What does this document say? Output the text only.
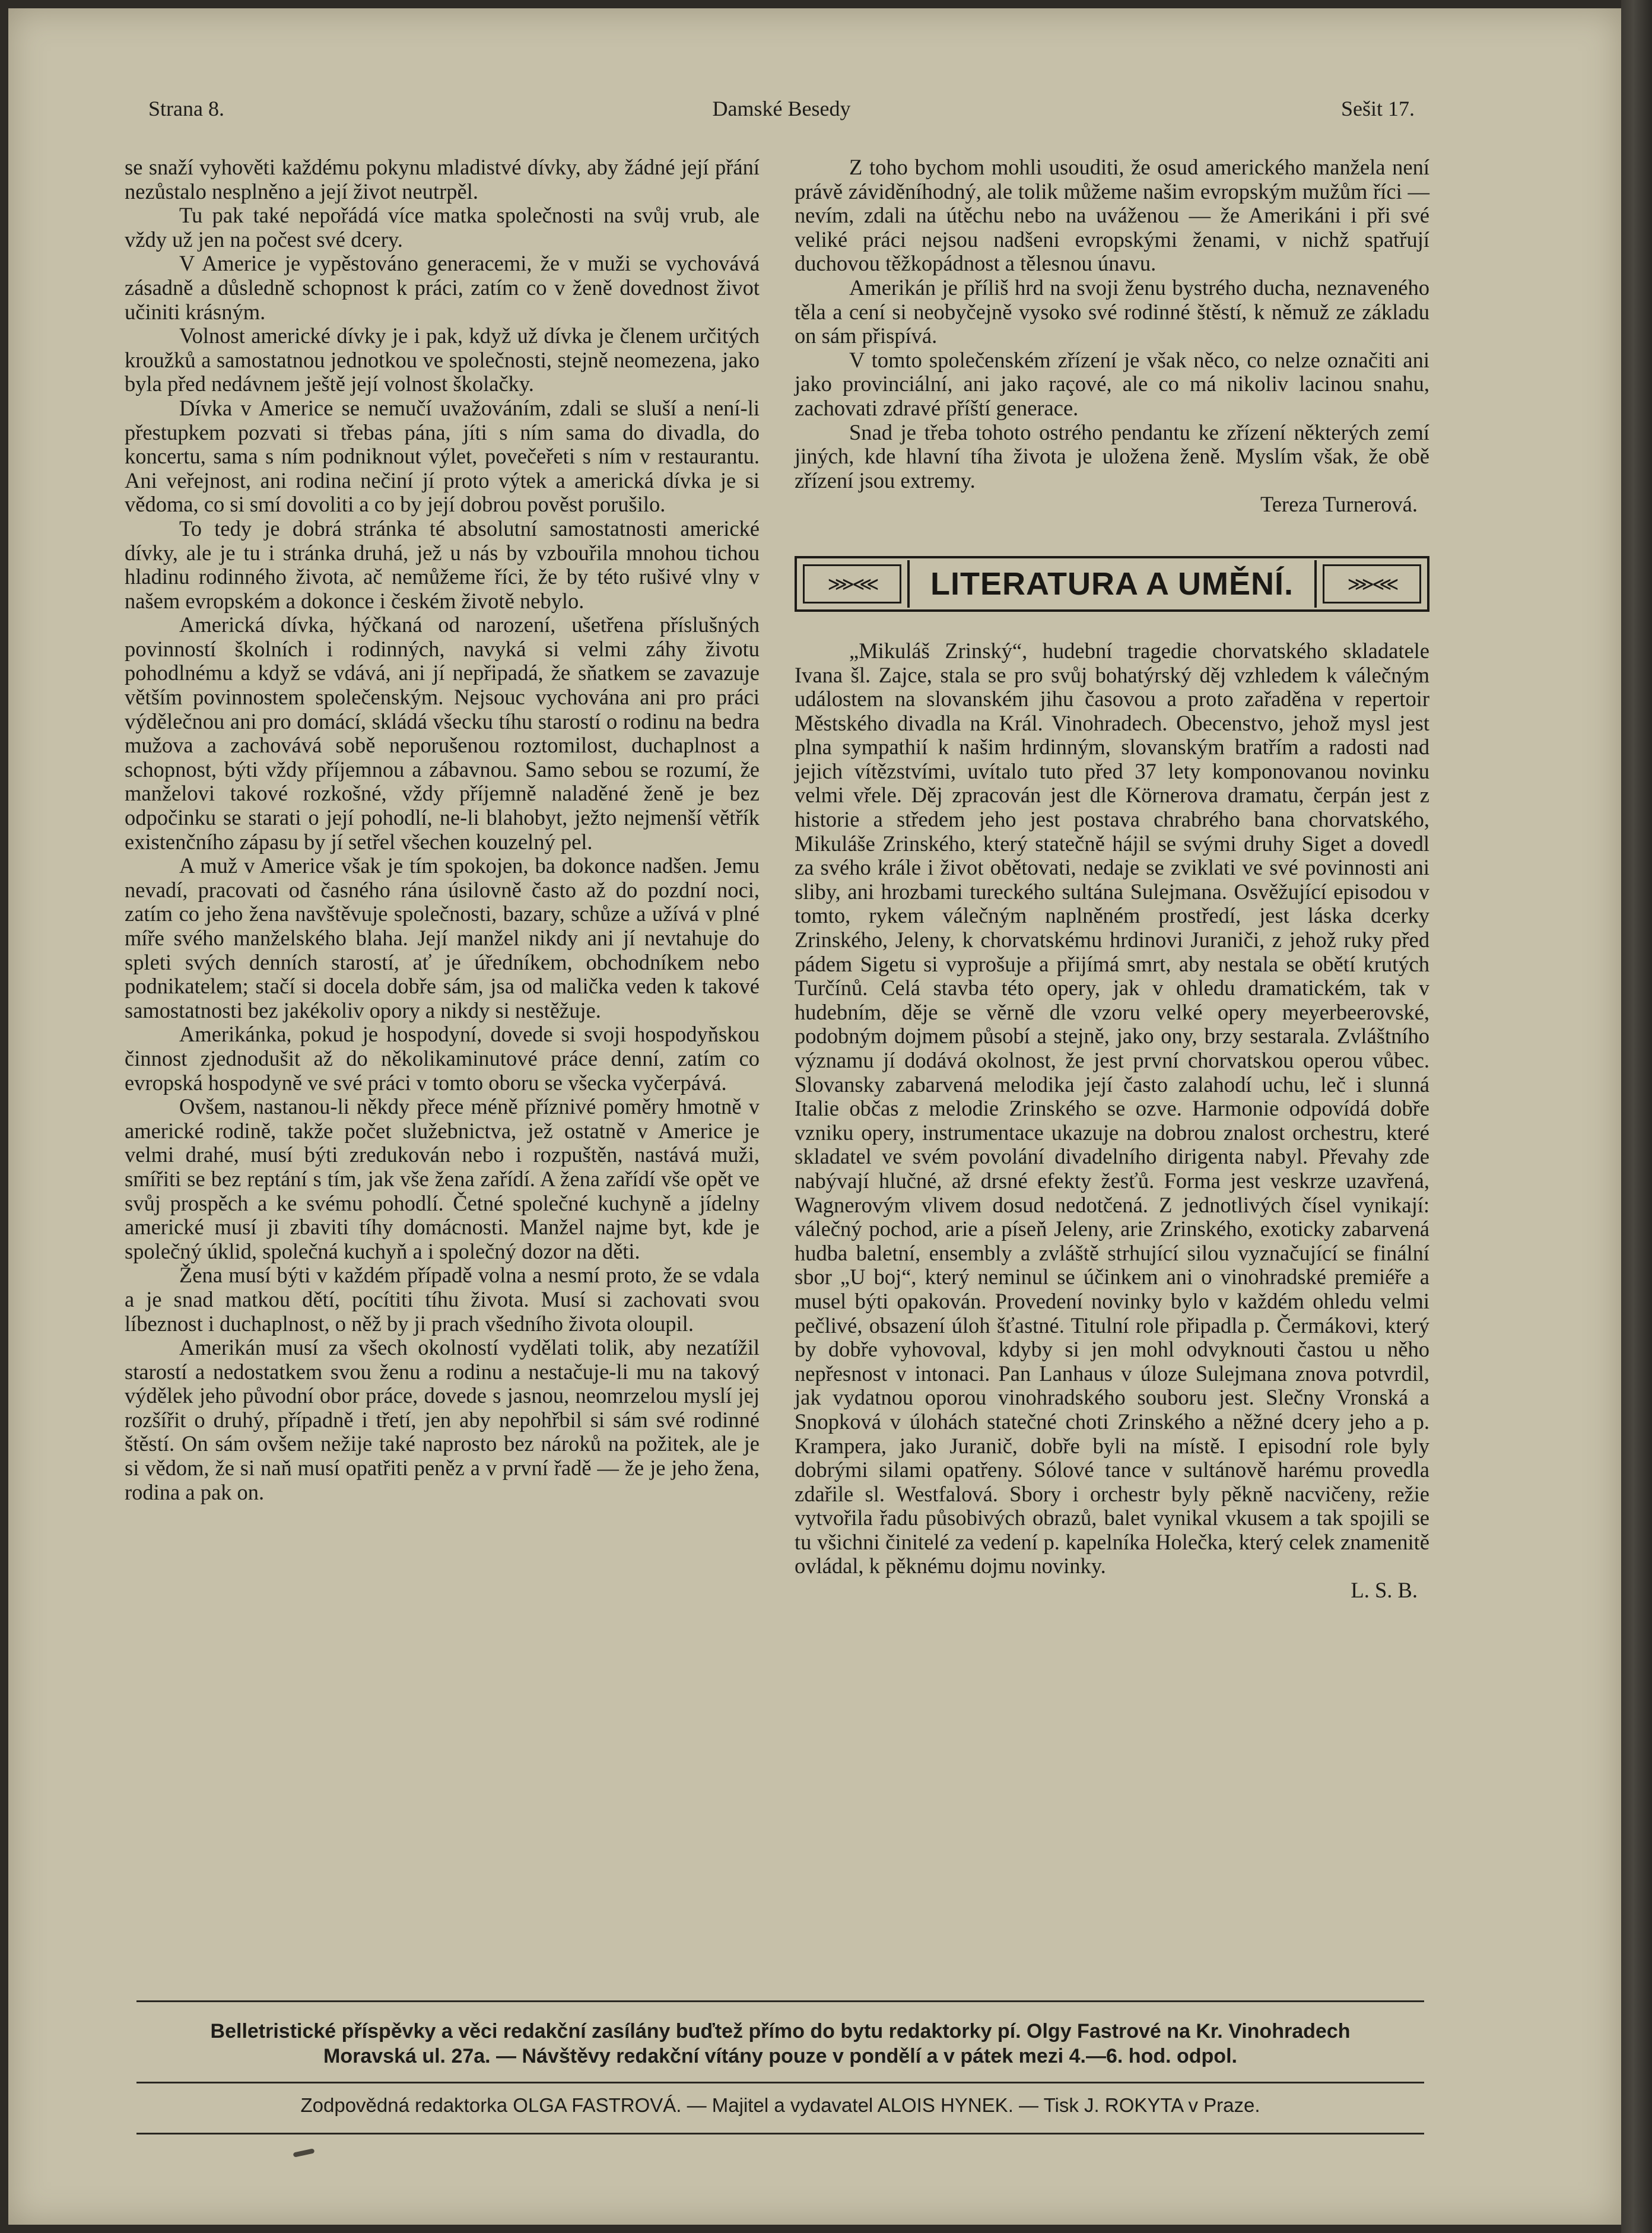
Strana 8.	Damské Besedy	Sešit 17.

se snaží vyhověti každému pokynu mladistvé dívky, aby žádné její přání nezůstalo nesplněno a její život neutrpěl.

Tu pak také nepořádá více matka společnosti na svůj vrub, ale vždy už jen na počest své dcery.

V Americe je vypěstováno generacemi, že v muži se vychovává zásadně a důsledně schopnost k práci, zatím co v ženě dovednost život učiniti krásným.

Volnost americké dívky je i pak, když už dívka je členem určitých kroužků a samostatnou jednotkou ve společnosti, stejně neomezena, jako byla před nedávnem ještě její volnost školačky.

Dívka v Americe se nemučí uvažováním, zdali se sluší a není-li přestupkem pozvati si třebas pána, jíti s ním sama do divadla, do koncertu, sama s ním podniknout výlet, povečeřeti s ním v restaurantu. Ani veřejnost, ani rodina nečiní jí proto výtek a americká dívka je si vědoma, co si smí dovoliti a co by její dobrou pověst porušilo.

To tedy je dobrá stránka té absolutní samostatnosti americké dívky, ale je tu i stránka druhá, jež u nás by vzbouřila mnohou tichou hladinu rodinného života, ač nemůžeme říci, že by této rušivé vlny v našem evropském a dokonce i českém životě nebylo.

Americká dívka, hýčkaná od narození, ušetřena příslušných povinností školních i rodinných, navyká si velmi záhy životu pohodlnému a když se vdává, ani jí nepřipadá, že sňatkem se zavazuje větším povinnostem společenským. Nejsouc vychována ani pro práci výdělečnou ani pro domácí, skládá všecku tíhu starostí o rodinu na bedra mužova a zachovává sobě neporušenou roztomilost, duchaplnost a schopnost, býti vždy příjemnou a zábavnou. Samo sebou se rozumí, že manželovi takové rozkošné, vždy příjemně naladěné ženě je bez odpočinku se starati o její pohodlí, ne-li blahobyt, ježto nejmenší větřík existenčního zápasu by jí setřel všechen kouzelný pel.

A muž v Americe však je tím spokojen, ba dokonce nadšen. Jemu nevadí, pracovati od časného rána úsilovně často až do pozdní noci, zatím co jeho žena navštěvuje společnosti, bazary, schůze a užívá v plné míře svého manželského blaha. Její manžel nikdy ani jí nevtahuje do spleti svých denních starostí, ať je úředníkem, obchodníkem nebo podnikatelem; stačí si docela dobře sám, jsa od malička veden k takové samostatnosti bez jakékoliv opory a nikdy si nestěžuje.

Amerikánka, pokud je hospodyní, dovede si svoji hospodyňskou činnost zjednodušit až do několikaminutové práce denní, zatím co evropská hospodyně ve své práci v tomto oboru se všecka vyčerpává.

Ovšem, nastanou-li někdy přece méně příznivé poměry hmotně v americké rodině, takže počet služebnictva, jež ostatně v Americe je velmi drahé, musí býti zredukován nebo i rozpuštěn, nastává muži, smířiti se bez reptání s tím, jak vše žena zařídí. A žena zařídí vše opět ve svůj prospěch a ke svému pohodlí. Četné společné kuchyně a jídelny americké musí ji zbaviti tíhy domácnosti. Manžel najme byt, kde je společný úklid, společná kuchyň a i společný dozor na děti.

Žena musí býti v každém případě volna a nesmí proto, že se vdala a je snad matkou dětí, pocítiti tíhu života. Musí si zachovati svou líbeznost i duchaplnost, o něž by ji prach všedního života oloupil.

Amerikán musí za všech okolností vydělati tolik, aby nezatížil starostí a nedostatkem svou ženu a rodinu a nestačuje-li mu na takový výdělek jeho původní obor práce, dovede s jasnou, neomrzelou myslí jej rozšířit o druhý, případně i třetí, jen aby nepohřbil si sám své rodinné štěstí. On sám ovšem nežije také naprosto bez nároků na požitek, ale je si vědom, že si naň musí opatřiti peněz a v první řadě — že je jeho žena, rodina a pak on.

Z toho bychom mohli usouditi, že osud amerického manžela není právě záviděníhodný, ale tolik můžeme našim evropským mužům říci — nevím, zdali na útěchu nebo na uváženou — že Amerikáni i při své veliké práci nejsou nadšeni evropskými ženami, v nichž spatřují duchovou těžkopádnost a tělesnou únavu.

Amerikán je příliš hrd na svoji ženu bystrého ducha, neznaveného těla a cení si neobyčejně vysoko své rodinné štěstí, k němuž ze základu on sám přispívá.

V tomto společenském zřízení je však něco, co nelze označiti ani jako provinciální, ani jako raçové, ale co má nikoliv lacinou snahu, zachovati zdravé příští generace.

Snad je třeba tohoto ostrého pendantu ke zřízení některých zemí jiných, kde hlavní tíha života je uložena ženě. Myslím však, že obě zřízení jsou extremy.

Tereza Turnerová.

⋙⋘	LITERATURA A UMĚNÍ.	⋙⋘

„Mikuláš Zrinský“, hudební tragedie chorvatského skladatele Ivana šl. Zajce, stala se pro svůj bohatýrský děj vzhledem k válečným událostem na slovanském jihu časovou a proto zařaděna v repertoir Městského divadla na Král. Vinohradech. Obecenstvo, jehož mysl jest plna sympathií k našim hrdinným, slovanským bratřím a radosti nad jejich vítězstvími, uvítalo tuto před 37 lety komponovanou novinku velmi vřele. Děj zpracován jest dle Körnerova dramatu, čerpán jest z historie a středem jeho jest postava chrabrého bana chorvatského, Mikuláše Zrinského, který statečně hájil se svými druhy Siget a dovedl za svého krále i život obětovati, nedaje se zviklati ve své povinnosti ani sliby, ani hrozbami tureckého sultána Sulejmana. Osvěžující episodou v tomto, rykem válečným naplněném prostředí, jest láska dcerky Zrinského, Jeleny, k chorvatskému hrdinovi Juraniči, z jehož ruky před pádem Sigetu si vyprošuje a přijímá smrt, aby nestala se obětí krutých Turčínů. Celá stavba této opery, jak v ohledu dramatickém, tak v hudebním, děje se věrně dle vzoru velké opery meyerbeerovské, podobným dojmem působí a stejně, jako ony, brzy sestarala. Zvláštního významu jí dodává okolnost, že jest první chorvatskou operou vůbec. Slovansky zabarvená melodika její často zalahodí uchu, leč i slunná Italie občas z melodie Zrinského se ozve. Harmonie odpovídá dobře vzniku opery, instrumentace ukazuje na dobrou znalost orchestru, které skladatel ve svém povolání divadelního dirigenta nabyl. Převahy zde nabývají hlučné, až drsné efekty žesťů. Forma jest veskrze uzavřená, Wagnerovým vlivem dosud nedotčená. Z jednotlivých čísel vynikají: válečný pochod, arie a píseň Jeleny, arie Zrinského, exoticky zabarvená hudba baletní, ensembly a zvláště strhující silou vyznačující se finální sbor „U boj“, který neminul se účinkem ani o vinohradské premiéře a musel býti opakován. Provedení novinky bylo v každém ohledu velmi pečlivé, obsazení úloh šťastné. Titulní role připadla p. Čermákovi, který by dobře vyhovoval, kdyby si jen mohl odvyknouti častou u něho nepřesnost v intonaci. Pan Lanhaus v úloze Sulejmana znova potvrdil, jak vydatnou oporou vinohradského souboru jest. Slečny Vronská a Snopková v úlohách statečné choti Zrinského a něžné dcery jeho a p. Krampera, jako Juranič, dobře byli na místě. I episodní role byly dobrými silami opatřeny. Sólové tance v sultánově harému provedla zdařile sl. Westfalová. Sbory i orchestr byly pěkně nacvičeny, režie vytvořila řadu působivých obrazů, balet vynikal vkusem a tak spojili se tu všichni činitelé za vedení p. kapelníka Holečka, který celek znamenitě ovládal, k pěknému dojmu novinky.

L. S. B.

Belletristické příspěvky a věci redakční zasílány buďtež přímo do bytu redaktorky pí. Olgy Fastrové na Kr. Vinohradech
Moravská ul. 27a. — Návštěvy redakční vítány pouze v pondělí a v pátek mezi 4.—6. hod. odpol.
Zodpovědná redaktorka OLGA FASTROVÁ. — Majitel a vydavatel ALOIS HYNEK. — Tisk J. ROKYTA v Praze.
